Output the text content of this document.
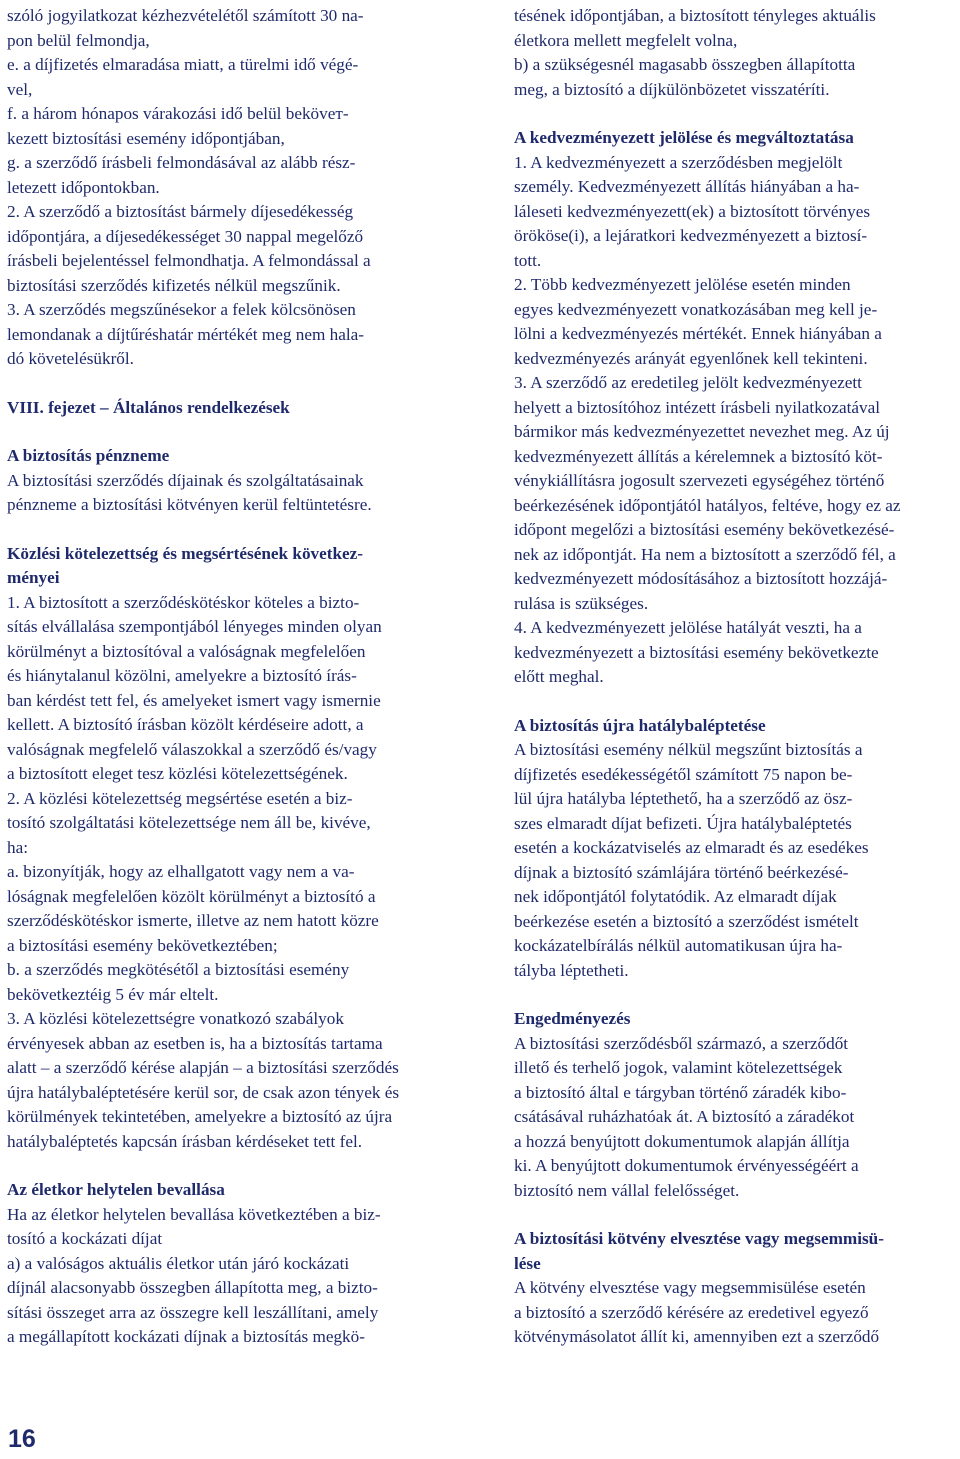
szóló jogyilatkozat kézhezvételétől számított 30 na-
pon belül felmondja,
e. a díjfizetés elmaradása miatt, a türelmi idő végé-
vel,
f. a három hónapos várakozási idő belül beköveт-
kezett biztosítási esemény időpontjában,
g. a szerződő írásbeli felmondásával az alább rész-
letezett időpontokban.
2. A szerződő a biztosítást bármely díjesedékesség
időpontjára, a díjesedékességet 30 nappal megelőző
írásbeli bejelentéssel felmondhatja. A felmondással a
biztosítási szerződés kifizetés nélkül megszűnik.
3. A szerződés megszűnésekor a felek kölcsönösen
lemondanak a díjtűréshatár mértékét meg nem hala-
dó követelésükről.
VIII. fejezet – Általános rendelkezések
A biztosítás pénzneme
A biztosítási szerződés díjainak és szolgáltatásainak
pénzneme a biztosítási kötvényen kerül feltüntetésre.
Közlési kötelezettség és megsértésének következ-
ményei
1. A biztosított a szerződéskötéskor köteles a bizto-
sítás elvállalása szempontjából lényeges minden olyan
körülményt a biztosítóval a valóságnak megfelelően
és hiánytalanul közölni, amelyekre a biztosító írás-
ban kérdést tett fel, és amelyeket ismert vagy ismernie
kellett. A biztosító írásban közölt kérdéseire adott, a
valóságnak megfelelő válaszokkal a szerződő és/vagy
a biztosított eleget tesz közlési kötelezettségének.
2. A közlési kötelezettség megsértése esetén a biz-
tosító szolgáltatási kötelezettsége nem áll be, kivéve,
ha:
a. bizonyítják, hogy az elhallgatott vagy nem a va-
lóságnak megfelelően közölt körülményt a biztosító a
szerződéskötéskor ismerte, illetve az nem hatott közre
a biztosítási esemény bekövetkeztében;
b. a szerződés megkötésétől a biztosítási esemény
bekövetkeztéig 5 év már eltelt.
3. A közlési kötelezettségre vonatkozó szabályok
érvényesek abban az esetben is, ha a biztosítás tartama
alatt – a szerződő kérése alapján – a biztosítási szerződés
újra hatálybaléptetésére kerül sor, de csak azon tények és
körülmények tekintetében, amelyekre a biztosító az újra
hatálybaléptetés kapcsán írásban kérdéseket tett fel.
Az életkor helytelen bevallása
Ha az életkor helytelen bevallása következtében a biz-
tosító a kockázati díjat
a) a valóságos aktuális életkor után járó kockázati
díjnál alacsonyabb összegben állapította meg, a bizto-
sítási összeget arra az összegre kell leszállítani, amely
a megállapított kockázati díjnak a biztosítás megkö-
tésének időpontjában, a biztosított tényleges aktuális
életkora mellett megfelelt volna,
b) a szükségesnél magasabb összegben állapította
meg, a biztosító a díjkülönbözetet visszatéríti.
A kedvezményezett jelölése és megváltoztatása
1. A kedvezményezett a szerződésben megjelölt
személy. Kedvezményezett állítás hiányában a ha-
láleseti kedvezményezett(ek) a biztosított törvényes
örököse(i), a lejáratkori kedvezményezett a biztosí-
tott.
2. Több kedvezményezett jelölése esetén minden
egyes kedvezményezett vonatkozásában meg kell je-
lölni a kedvezményezés mértékét. Ennek hiányában a
kedvezményezés arányát egyenlőnek kell tekinteni.
3. A szerződő az eredetileg jelölt kedvezményezett
helyett a biztosítóhoz intézett írásbeli nyilatkozatával
bármikor más kedvezményezettet nevezhet meg. Az új
kedvezményezett állítás a kérelemnek a biztosító köt-
vénykiállításra jogosult szervezeti egységéhez történő
beérkezésének időpontjától hatályos, feltéve, hogy ez az
időpont megelőzi a biztosítási esemény bekövetkezésé-
nek az időpontját. Ha nem a biztosított a szerződő fél, a
kedvezményezett módosításához a biztosított hozzájá-
rulása is szükséges.
4. A kedvezményezett jelölése hatályát veszti, ha a
kedvezményezett a biztosítási esemény bekövetkezte
előtt meghal.
A biztosítás újra hatálybaléptetése
A biztosítási esemény nélkül megszűnt biztosítás a
díjfizetés esedékességétől számított 75 napon be-
lül újra hatályba léptethető, ha a szerződő az ösz-
szes elmaradt díjat befizeti. Újra hatálybaléptetés
esetén a kockázatviselés az elmaradt és az esedékes
díjnak a biztosító számlájára történő beérkezésé-
nek időpontjától folytatódik. Az elmaradt díjak
beérkezése esetén a biztosító a szerződést ismételt
kockázatelbírálás nélkül automatikusan újra ha-
tályba léptetheti.
Engedményezés
A biztosítási szerződésből származó, a szerződőt
illető és terhelő jogok, valamint kötelezettségek
a biztosító által e tárgyban történő záradék kibo-
csátásával ruházhatóak át. A biztosító a záradékot
a hozzá benyújtott dokumentumok alapján állítja
ki. A benyújtott dokumentumok érvényességéért a
biztosító nem vállal felelősséget.
A biztosítási kötvény elvesztése vagy megsemmisü-
lése
A kötvény elvesztése vagy megsemmisülése esetén
a biztosító a szerződő kérésére az eredetivel egyező
kötvénymásolatot állít ki, amennyiben ezt a szerződő
16
